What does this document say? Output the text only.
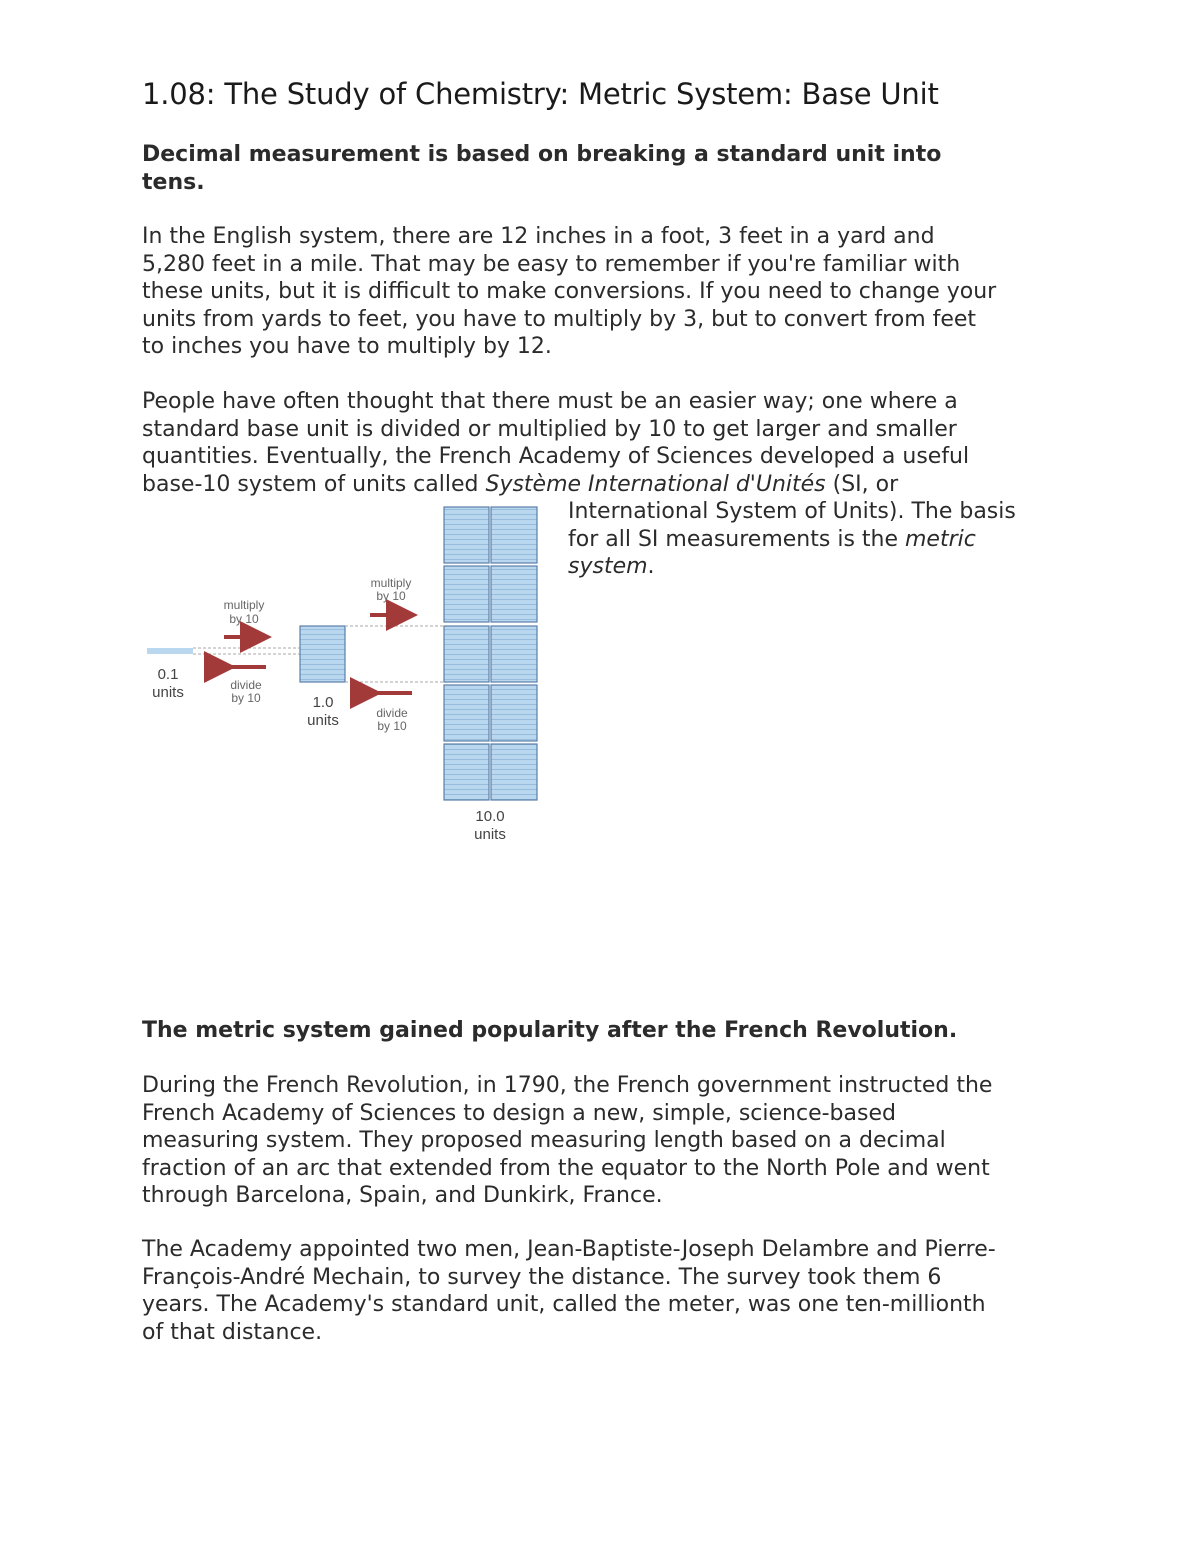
1.08: The Study of Chemistry: Metric System: Base Unit
Decimal measurement is based on breaking a standard unit into
tens.

In the English system, there are 12 inches in a foot, 3 feet in a yard and
5,280 feet in a mile. That may be easy to remember if you're familiar with
these units, but it is difficult to make conversions. If you need to change your
units from yards to feet, you have to multiply by 3, but to convert from feet
to inches you have to multiply by 12.

People have often thought that there must be an easier way; one where a
standard base unit is divided or multiplied by 10 to get larger and smaller
quantities. Eventually, the French Academy of Sciences developed a useful
base-10 system of units called Système International d'Unités (SI, or

International System of Units). The basis
for all SI measurements is the metric
system.

multiply
by 10
divide
by 10
multiply
by 10
divide
by 10
0.1
units
1.0
units
10.0
units
The metric system gained popularity after the French Revolution.

During the French Revolution, in 1790, the French government instructed the
French Academy of Sciences to design a new, simple, science-based
measuring system. They proposed measuring length based on a decimal
fraction of an arc that extended from the equator to the North Pole and went
through Barcelona, Spain, and Dunkirk, France.

The Academy appointed two men, Jean-Baptiste-Joseph Delambre and Pierre-
François-André Mechain, to survey the distance. The survey took them 6
years. The Academy's standard unit, called the meter, was one ten-millionth
of that distance.
